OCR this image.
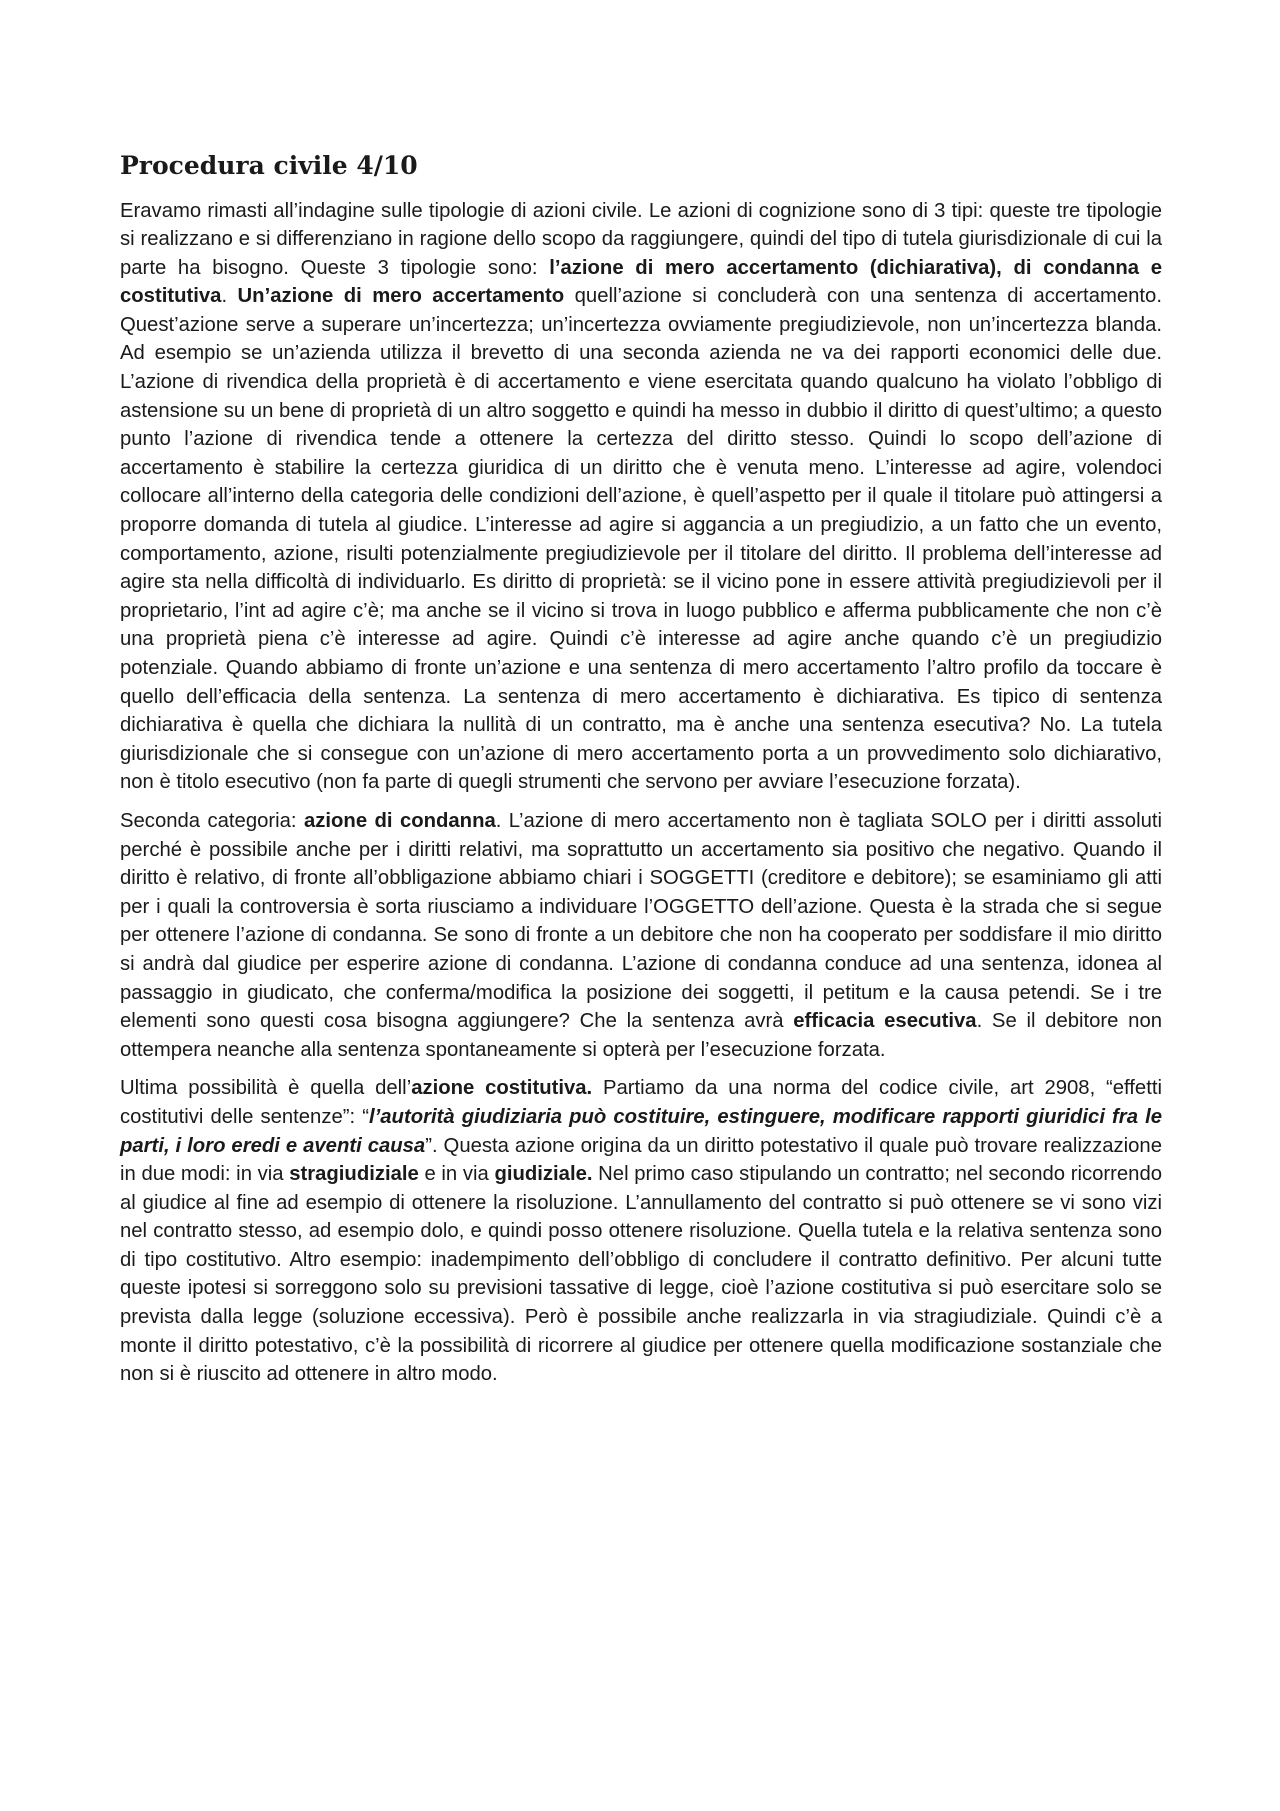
Procedura civile 4/10

Eravamo rimasti all’indagine sulle tipologie di azioni civile. Le azioni di cognizione sono di 3 tipi: queste tre tipologie si realizzano e si differenziano in ragione dello scopo da raggiungere, quindi del tipo di tutela giurisdizionale di cui la parte ha bisogno. Queste 3 tipologie sono: l’azione di mero accertamento (dichiarativa), di condanna e costitutiva. Un’azione di mero accertamento quell’azione si concluderà con una sentenza di accertamento. Quest’azione serve a superare un’incertezza; un’incertezza ovviamente pregiudizievole, non un’incertezza blanda. Ad esempio se un’azienda utilizza il brevetto di una seconda azienda ne va dei rapporti economici delle due. L’azione di rivendica della proprietà è di accertamento e viene esercitata quando qualcuno ha violato l’obbligo di astensione su un bene di proprietà di un altro soggetto e quindi ha messo in dubbio il diritto di quest’ultimo; a questo punto l’azione di rivendica tende a ottenere la certezza del diritto stesso. Quindi lo scopo dell’azione di accertamento è stabilire la certezza giuridica di un diritto che è venuta meno. L’interesse ad agire, volendoci collocare all’interno della categoria delle condizioni dell’azione, è quell’aspetto per il quale il titolare può attingersi a proporre domanda di tutela al giudice. L’interesse ad agire si aggancia a un pregiudizio, a un fatto che un evento, comportamento, azione, risulti potenzialmente pregiudizievole per il titolare del diritto. Il problema dell’interesse ad agire sta nella difficoltà di individuarlo. Es diritto di proprietà: se il vicino pone in essere attività pregiudizievoli per il proprietario, l’int ad agire c’è; ma anche se il vicino si trova in luogo pubblico e afferma pubblicamente che non c’è una proprietà piena c’è interesse ad agire. Quindi c’è interesse ad agire anche quando c’è un pregiudizio potenziale. Quando abbiamo di fronte un’azione e una sentenza di mero accertamento l’altro profilo da toccare è quello dell’efficacia della sentenza. La sentenza di mero accertamento è dichiarativa. Es tipico di sentenza dichiarativa è quella che dichiara la nullità di un contratto, ma è anche una sentenza esecutiva? No. La tutela giurisdizionale che si consegue con un’azione di mero accertamento porta a un provvedimento solo dichiarativo, non è titolo esecutivo (non fa parte di quegli strumenti che servono per avviare l’esecuzione forzata).

Seconda categoria: azione di condanna. L’azione di mero accertamento non è tagliata SOLO per i diritti assoluti perché è possibile anche per i diritti relativi, ma soprattutto un accertamento sia positivo che negativo. Quando il diritto è relativo, di fronte all’obbligazione abbiamo chiari i SOGGETTI (creditore e debitore); se esaminiamo gli atti per i quali la controversia è sorta riusciamo a individuare l’OGGETTO dell’azione. Questa è la strada che si segue per ottenere l’azione di condanna. Se sono di fronte a un debitore che non ha cooperato per soddisfare il mio diritto si andrà dal giudice per esperire azione di condanna. L’azione di condanna conduce ad una sentenza, idonea al passaggio in giudicato, che conferma/modifica la posizione dei soggetti, il petitum e la causa petendi. Se i tre elementi sono questi cosa bisogna aggiungere? Che la sentenza avrà efficacia esecutiva. Se il debitore non ottempera neanche alla sentenza spontaneamente si opterà per l’esecuzione forzata.

Ultima possibilità è quella dell’azione costitutiva. Partiamo da una norma del codice civile, art 2908, “effetti costitutivi delle sentenze”: “l’autorità giudiziaria può costituire, estinguere, modificare rapporti giuridici fra le parti, i loro eredi e aventi causa”. Questa azione origina da un diritto potestativo il quale può trovare realizzazione in due modi: in via stragiudiziale e in via giudiziale. Nel primo caso stipulando un contratto; nel secondo ricorrendo al giudice al fine ad esempio di ottenere la risoluzione. L’annullamento del contratto si può ottenere se vi sono vizi nel contratto stesso, ad esempio dolo, e quindi posso ottenere risoluzione. Quella tutela e la relativa sentenza sono di tipo costitutivo. Altro esempio: inadempimento dell’obbligo di concludere il contratto definitivo. Per alcuni tutte queste ipotesi si sorreggono solo su previsioni tassative di legge, cioè l’azione costitutiva si può esercitare solo se prevista dalla legge (soluzione eccessiva). Però è possibile anche realizzarla in via stragiudiziale. Quindi c’è a monte il diritto potestativo, c’è la possibilità di ricorrere al giudice per ottenere quella modificazione sostanziale che non si è riuscito ad ottenere in altro modo.
